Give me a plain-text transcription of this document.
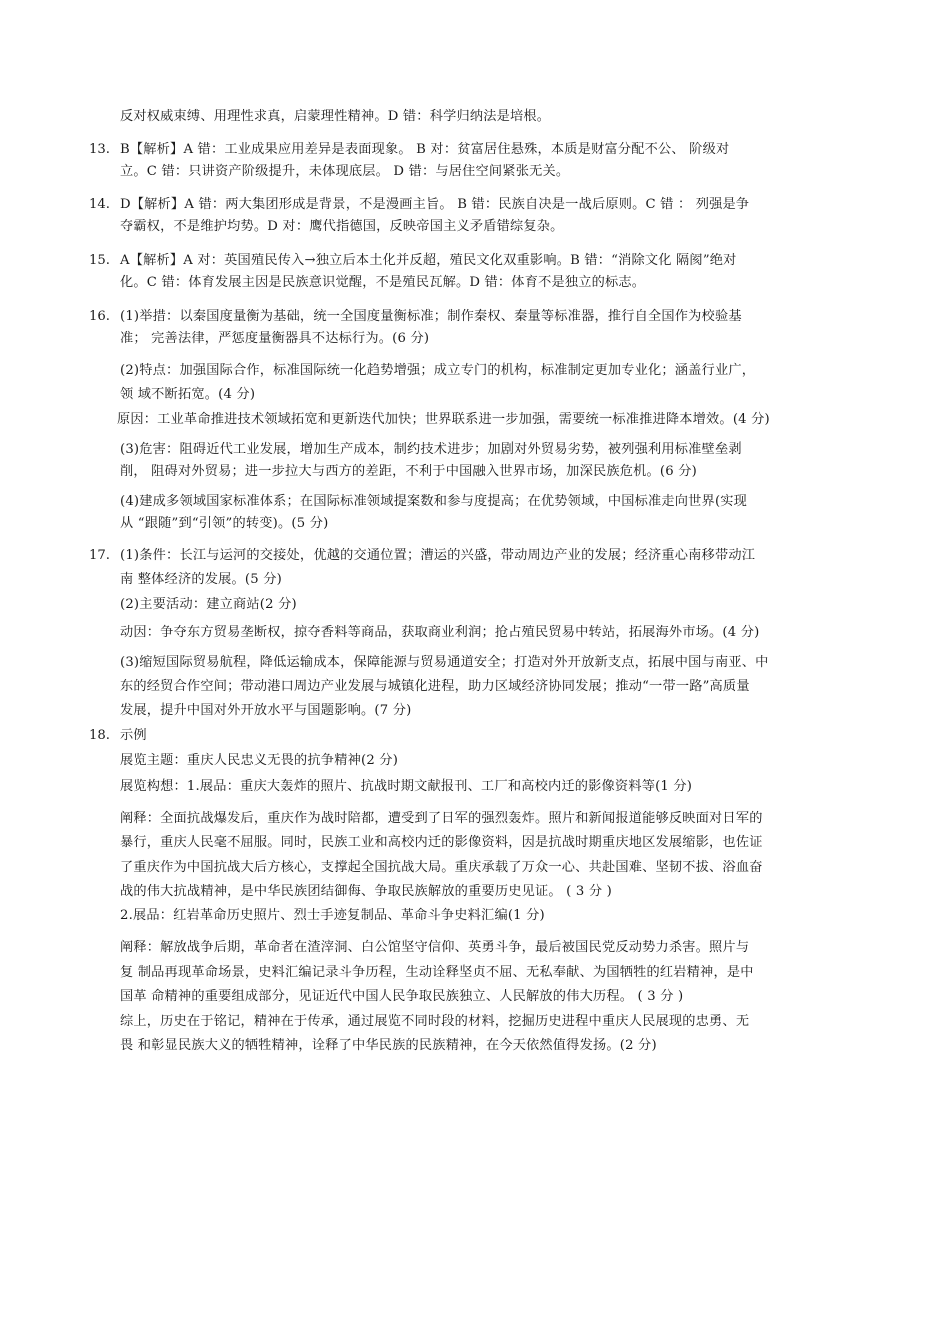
反对权威束缚、用理性求真，启蒙理性精神。D 错：科学归纳法是培根。
13. B【解析】A 错：工业成果应用差异是表面现象。 B 对：贫富居住悬殊，本质是财富分配不公、 阶级对
立。C 错：只讲资产阶级提升，未体现底层。 D 错：与居住空间紧张无关。
14. D【解析】A 错：两大集团形成是背景，不是漫画主旨。 B 错：民族自决是一战后原则。C 错 ： 列强是争
夺霸权，不是维护均势。D 对：鹰代指德国，反映帝国主义矛盾错综复杂。
15. A【解析】A 对：英国殖民传入→独立后本土化并反超，殖民文化双重影响。B 错：“消除文化 隔阂”绝对
化。C 错：体育发展主因是民族意识觉醒，不是殖民瓦解。D 错：体育不是独立的标志。
16. (1)举措：以秦国度量衡为基础，统一全国度量衡标准；制作秦权、秦量等标准器，推行自全国作为校验基
准； 完善法律，严惩度量衡器具不达标行为。(6 分)
(2)特点：加强国际合作，标准国际统一化趋势增强；成立专门的机构，标准制定更加专业化；涵盖行业广，
领 域不断拓宽。(4 分)
原因：工业革命推进技术领域拓宽和更新迭代加快；世界联系进一步加强，需要统一标准推进降本增效。(4 分)
(3)危害：阻碍近代工业发展，增加生产成本，制约技术进步；加剧对外贸易劣势，被列强利用标准壁垒剥
削， 阻碍对外贸易；进一步拉大与西方的差距，不利于中国融入世界市场，加深民族危机。(6 分)
(4)建成多领域国家标准体系；在国际标准领域提案数和参与度提高；在优势领域，中国标准走向世界(实现
从 “跟随”到“引领”的转变)。(5 分)
17. (1)条件：长江与运河的交接处，优越的交通位置；漕运的兴盛，带动周边产业的发展；经济重心南移带动江
南 整体经济的发展。(5 分)
(2)主要活动：建立商站(2 分)
动因：争夺东方贸易垄断权，掠夺香料等商品，获取商业利润；抢占殖民贸易中转站，拓展海外市场。(4 分)
(3)缩短国际贸易航程，降低运输成本，保障能源与贸易通道安全；打造对外开放新支点，拓展中国与南亚、中
东的经贸合作空间；带动港口周边产业发展与城镇化进程，助力区域经济协同发展；推动“一带一路”高质量
发展，提升中国对外开放水平与国题影响。(7 分)
18. 示例
展览主题：重庆人民忠义无畏的抗争精神(2 分)
展览构想：1.展品：重庆大轰炸的照片、抗战时期文献报刊、工厂和高校内迁的影像资料等(1 分)
阐释：全面抗战爆发后，重庆作为战时陪都，遭受到了日军的强烈轰炸。照片和新闻报道能够反映面对日军的
暴行，重庆人民毫不屈服。同时，民族工业和高校内迁的影像资料，因是抗战时期重庆地区发展缩影，也佐证
了重庆作为中国抗战大后方核心，支撑起全国抗战大局。重庆承载了万众一心、共赴国难、坚韧不拔、浴血奋
战的伟大抗战精神，是中华民族团结御侮、争取民族解放的重要历史见证。 ( 3 分 )
2.展品：红岩革命历史照片、烈士手迹复制品、革命斗争史料汇编(1 分)
阐释：解放战争后期，革命者在渣滓洞、白公馆坚守信仰、英勇斗争，最后被国民党反动势力杀害。照片与
复 制品再现革命场景，史料汇编记录斗争历程，生动诠释坚贞不屈、无私奉献、为国牺牲的红岩精神，是中
国革 命精神的重要组成部分，见证近代中国人民争取民族独立、人民解放的伟大历程。 ( 3 分 )
综上，历史在于铭记，精神在于传承，通过展览不同时段的材料，挖掘历史进程中重庆人民展现的忠勇、无
畏 和彰显民族大义的牺牲精神，诠释了中华民族的民族精神，在今天依然值得发扬。(2 分)
